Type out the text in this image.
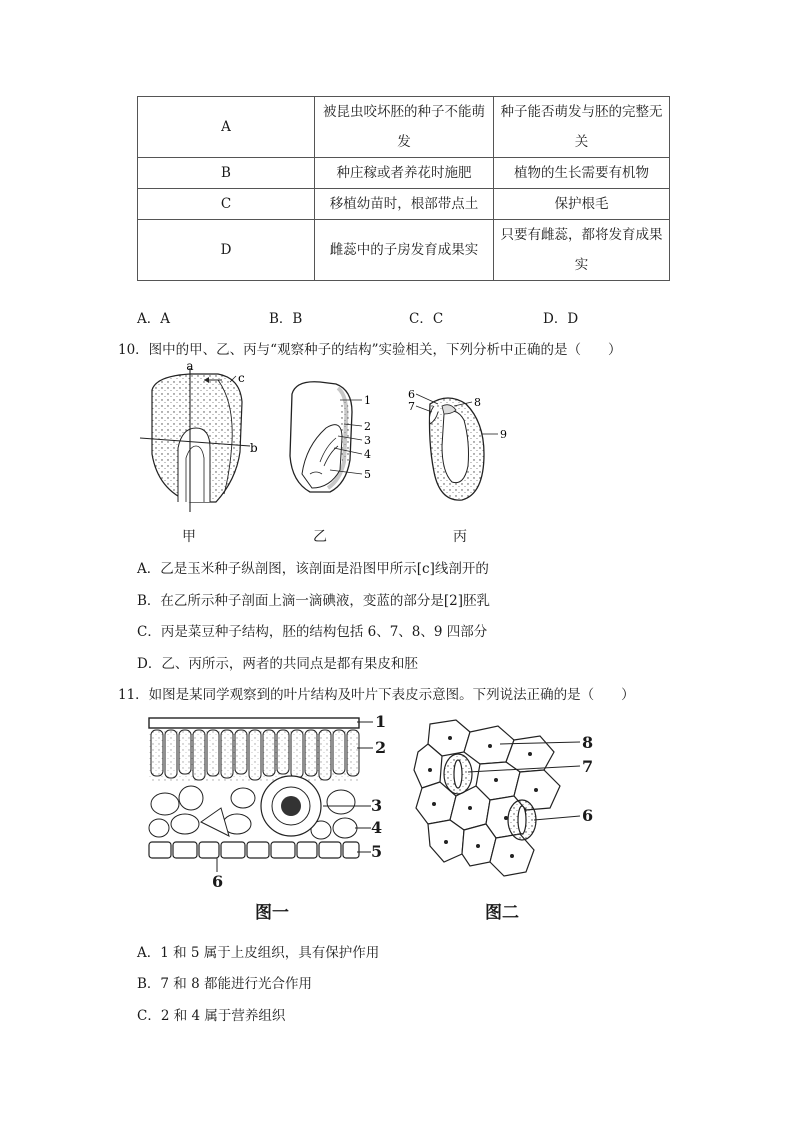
A	被昆虫咬坏胚的种子不能萌发	种子能否萌发与胚的完整无关
B	种庄稼或者养花时施肥	植物的生长需要有机物
C	移植幼苗时，根部带点土	保护根毛
D	雌蕊中的子房发育成果实	只要有雌蕊，都将发育成果实
A．A	B．B	C．C	D．D
10．图中的甲、乙、丙与“观察种子的结构”实验相关，下列分析中正确的是（　　）
a
c
b
1
2
3
4
5
6
7	8
9
甲	乙	丙
A．乙是玉米种子纵剖图，该剖面是沿图甲所示[c]线剖开的
B．在乙所示种子剖面上滴一滴碘液，变蓝的部分是[2]胚乳
C．丙是菜豆种子结构，胚的结构包括 6、7、8、9 四部分
D．乙、丙所示，两者的共同点是都有果皮和胚
11．如图是某同学观察到的叶片结构及叶片下表皮示意图。下列说法正确的是（　　）
1
2
3
4
5
6
图一
8
7
6
图二
A．1 和 5 属于上皮组织，具有保护作用
B．7 和 8 都能进行光合作用
C．2 和 4 属于营养组织
